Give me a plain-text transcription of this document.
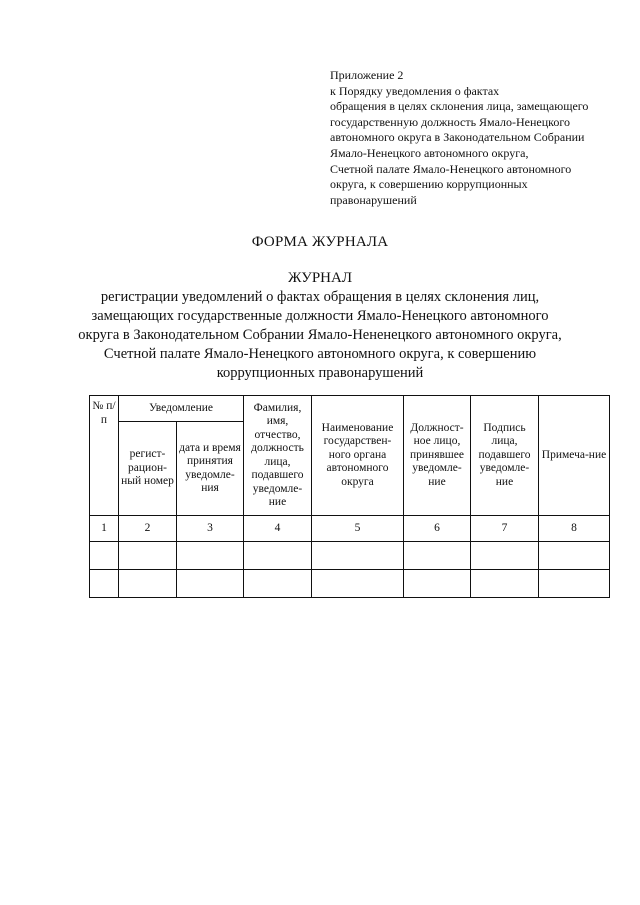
Приложение 2
к Порядку уведомления о фактах
обращения в целях склонения лица, замещающего
государственную должность Ямало-Ненецкого
автономного округа в Законодательном Собрании
Ямало-Ненецкого автономного округа,
Счетной палате Ямало-Ненецкого автономного
округа, к совершению коррупционных
правонарушений
ФОРМА ЖУРНАЛА
ЖУРНАЛ
регистрации уведомлений о фактах обращения в целях склонения лиц,
замещающих государственные должности Ямало-Ненецкого автономного
округа в Законодательном Собрании Ямало-Нененецкого автономного округа,
Счетной палате Ямало-Ненецкого автономного округа, к совершению
коррупционных правонарушений
№ п/п	Уведомление		Фамилия, имя, отчество, должность лица, подавшего уведомле-ние	Наименование государствен-ного органа автономного округа	Должност-ное лицо, принявшее уведомле-ние	Подпись лица, подавшего уведомле-ние	Примеча-ние
	регист-рацион-ный номер	дата и время принятия уведомле-ния					
1	2	3	4	5	6	7	8
